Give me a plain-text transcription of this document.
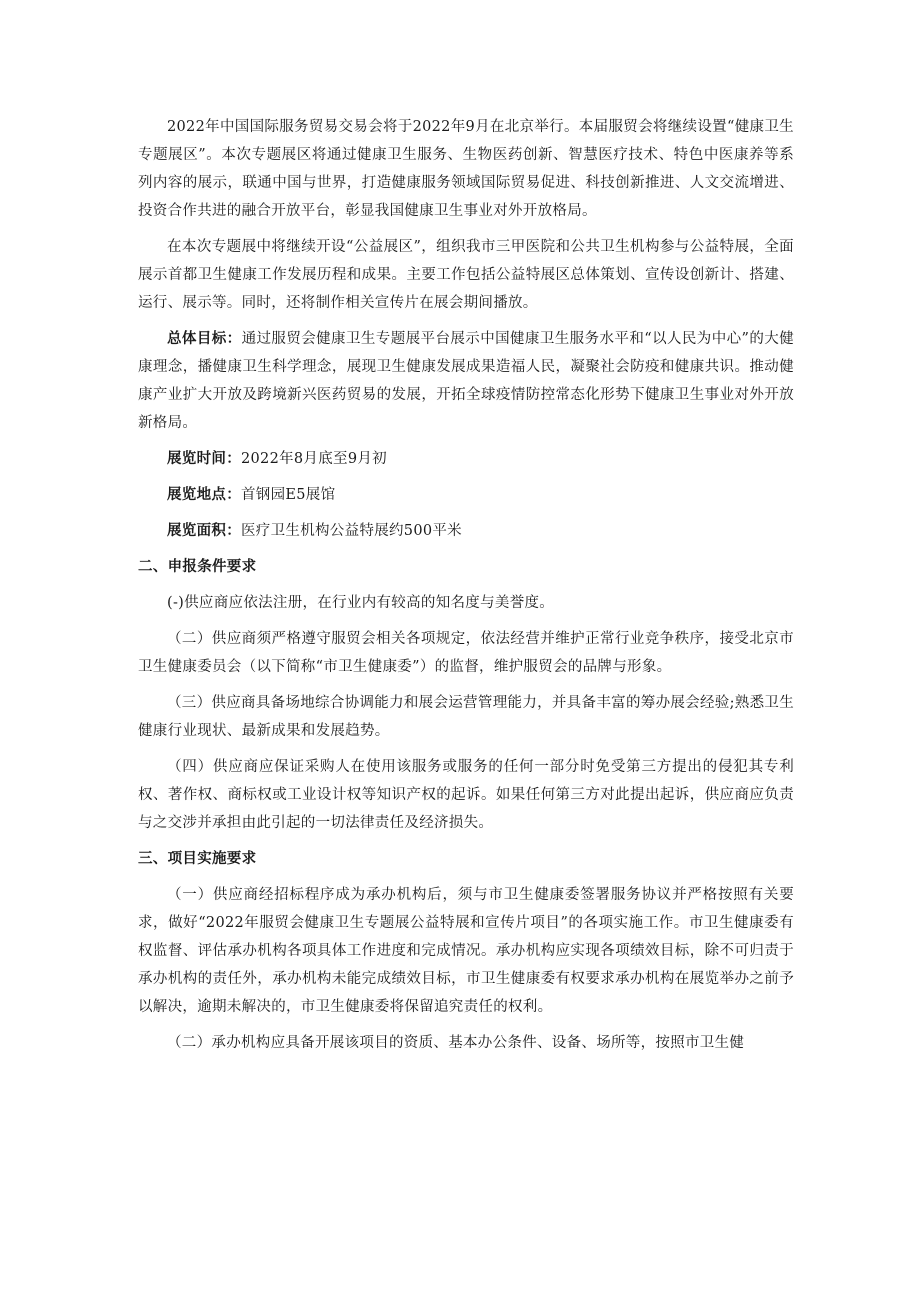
2022年中国国际服务贸易交易会将于2022年9月在北京举行。本届服贸会将继续设置“健康卫生专题展区”。本次专题展区将通过健康卫生服务、生物医药创新、智慧医疗技术、特色中医康养等系列内容的展示，联通中国与世界，打造健康服务领域国际贸易促进、科技创新推进、人文交流增进、投资合作共进的融合开放平台，彰显我国健康卫生事业对外开放格局。

在本次专题展中将继续开设“公益展区”，组织我市三甲医院和公共卫生机构参与公益特展，全面展示首都卫生健康工作发展历程和成果。主要工作包括公益特展区总体策划、宣传设创新计、搭建、运行、展示等。同时，还将制作相关宣传片在展会期间播放。

总体目标：通过服贸会健康卫生专题展平台展示中国健康卫生服务水平和“以人民为中心”的大健康理念，播健康卫生科学理念，展现卫生健康发展成果造福人民，凝聚社会防疫和健康共识。推动健康产业扩大开放及跨境新兴医药贸易的发展，开拓全球疫情防控常态化形势下健康卫生事业对外开放新格局。

展览时间：2022年8月底至9月初

展览地点：首钢园E5展馆

展览面积：医疗卫生机构公益特展约500平米

二、申报条件要求

(-)供应商应依法注册，在行业内有较高的知名度与美誉度。

（二）供应商须严格遵守服贸会相关各项规定，依法经营并维护正常行业竞争秩序，接受北京市卫生健康委员会（以下简称“市卫生健康委”）的监督，维护服贸会的品牌与形象。

（三）供应商具备场地综合协调能力和展会运营管理能力，并具备丰富的筹办展会经验;熟悉卫生健康行业现状、最新成果和发展趋势。

（四）供应商应保证采购人在使用该服务或服务的任何一部分时免受第三方提出的侵犯其专利权、著作权、商标权或工业设计权等知识产权的起诉。如果任何第三方对此提出起诉，供应商应负责与之交涉并承担由此引起的一切法律责任及经济损失。

三、项目实施要求

（一）供应商经招标程序成为承办机构后，须与市卫生健康委签署服务协议并严格按照有关要求，做好“2022年服贸会健康卫生专题展公益特展和宣传片项目”的各项实施工作。市卫生健康委有权监督、评估承办机构各项具体工作进度和完成情况。承办机构应实现各项绩效目标，除不可归责于承办机构的责任外，承办机构未能完成绩效目标，市卫生健康委有权要求承办机构在展览举办之前予以解决，逾期未解决的，市卫生健康委将保留追究责任的权利。

（二）承办机构应具备开展该项目的资质、基本办公条件、设备、场所等，按照市卫生健
